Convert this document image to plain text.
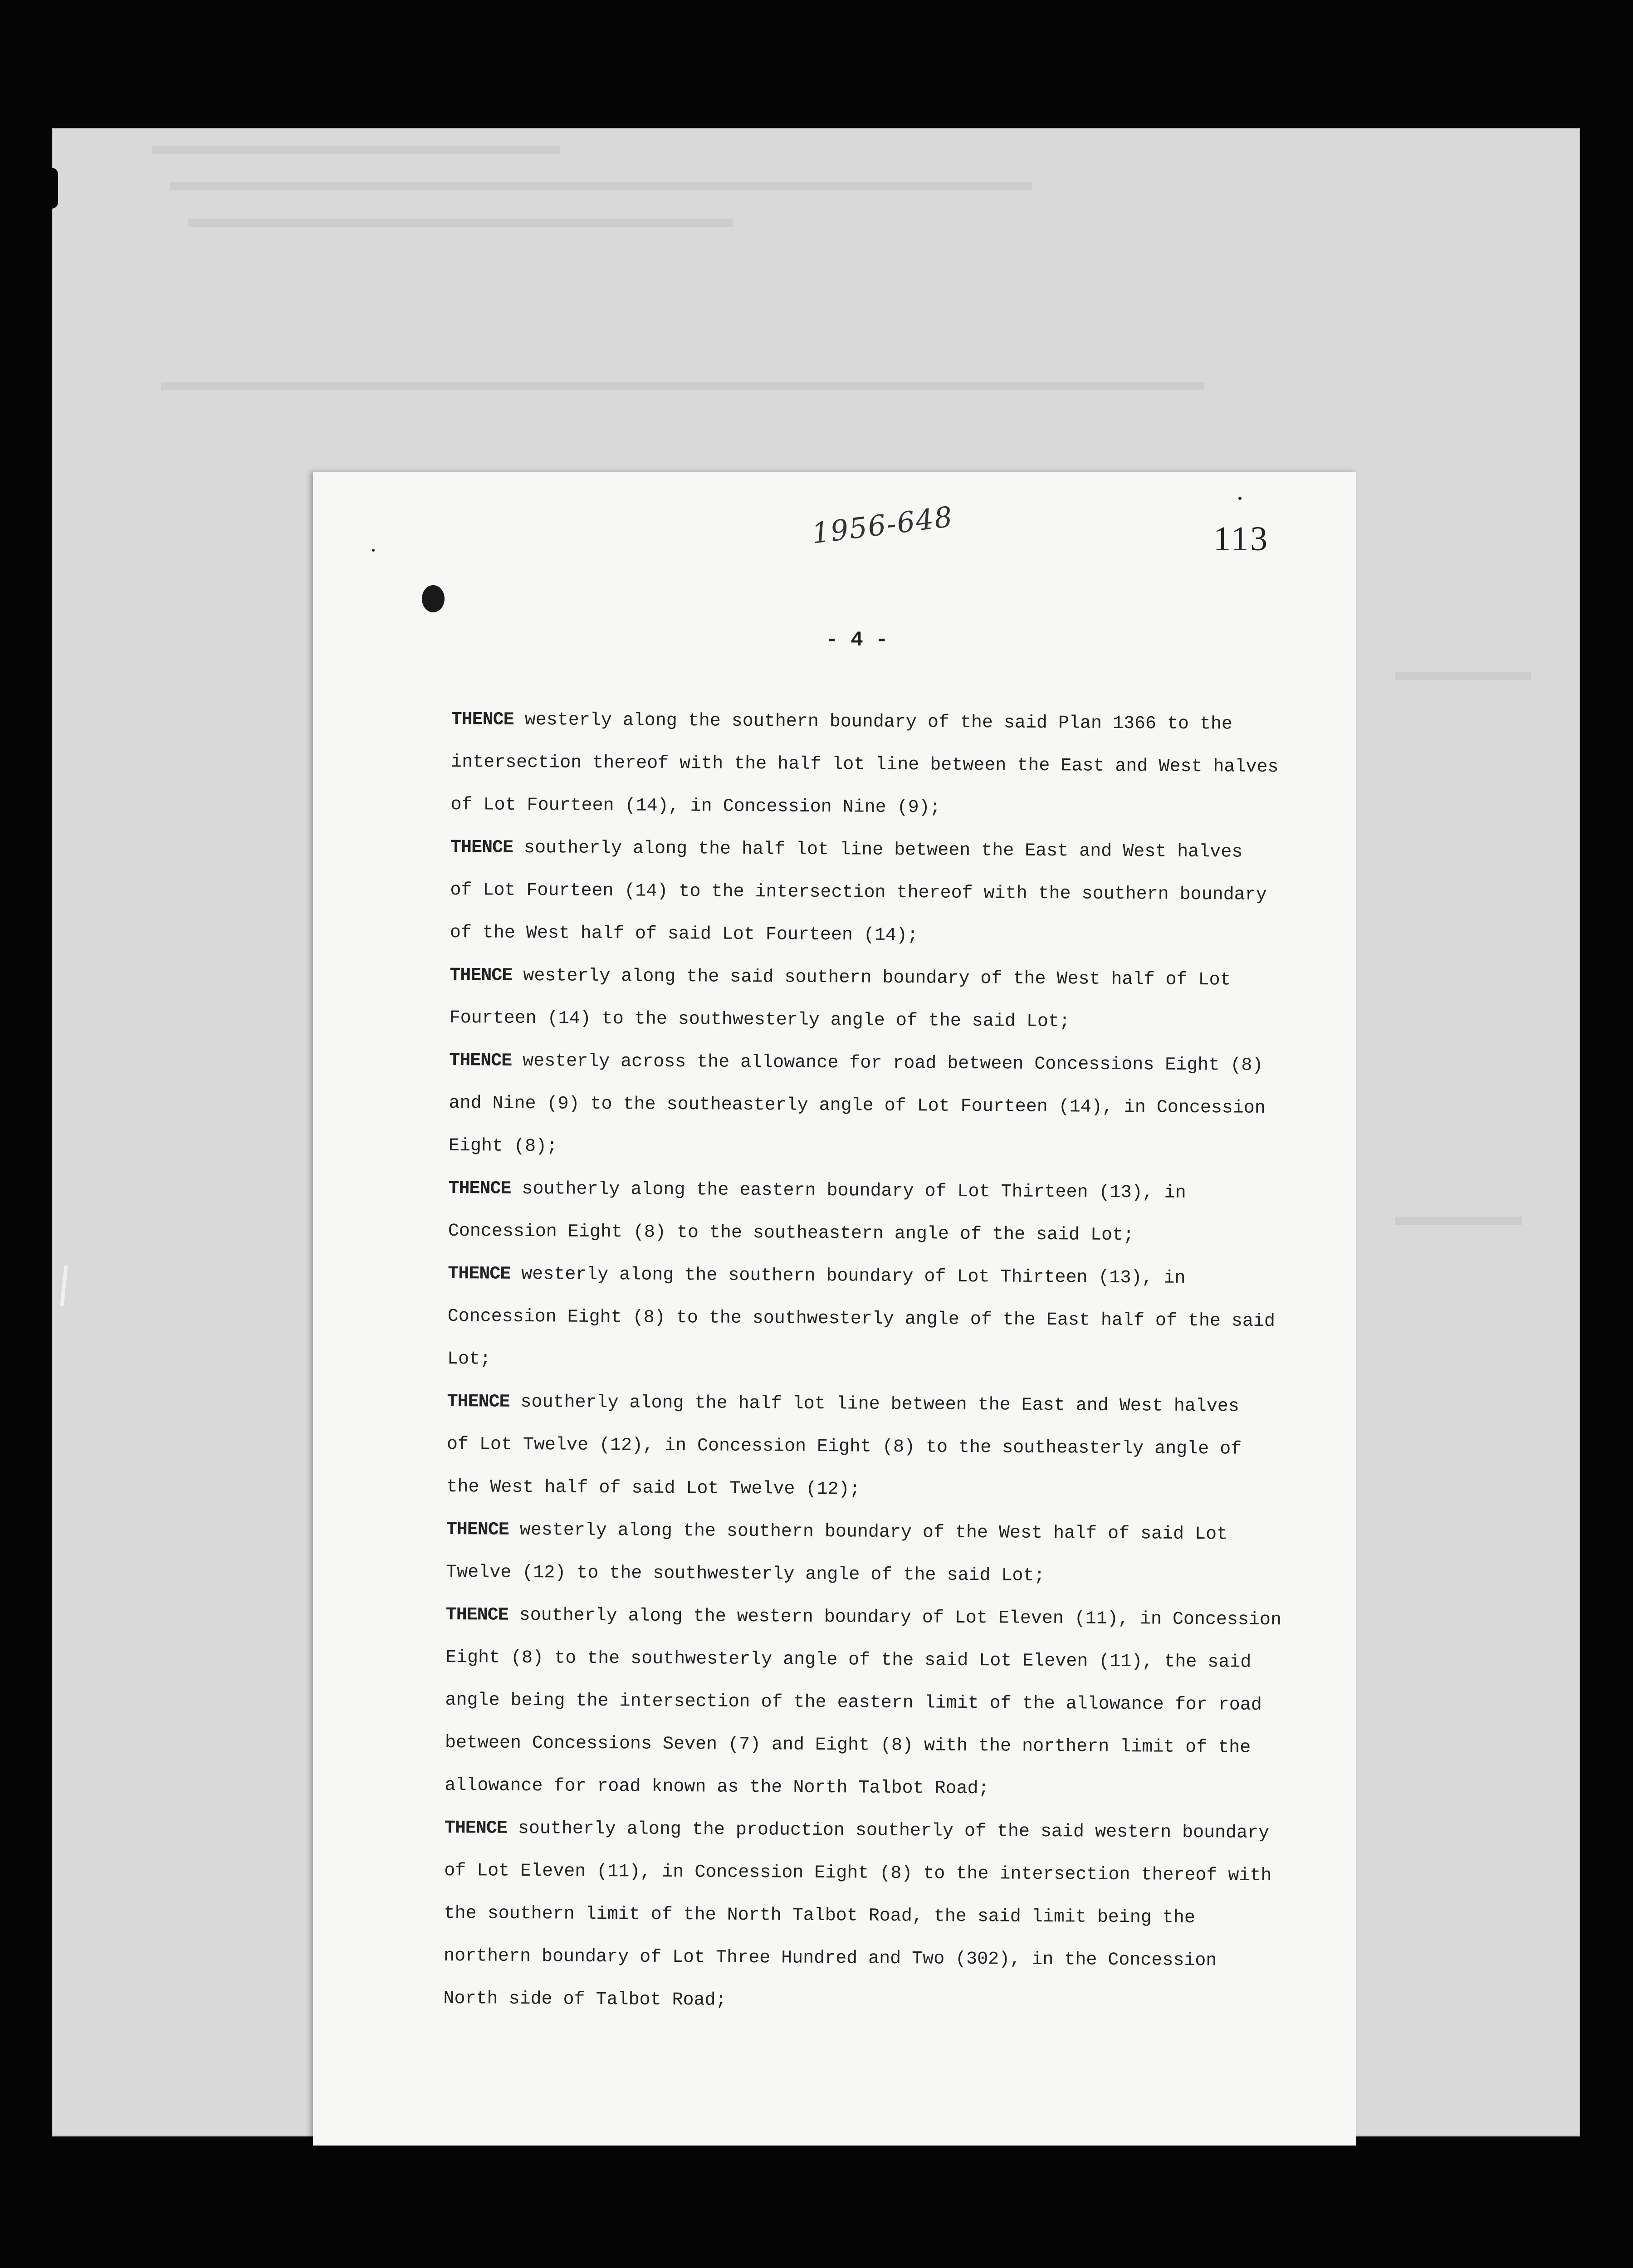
1956-648	113
- 4 -
THENCE westerly along the southern boundary of the said Plan 1366 to the
intersection thereof with the half lot line between the East and West halves
of Lot Fourteen (14), in Concession Nine (9);
THENCE southerly along the half lot line between the East and West halves
of Lot Fourteen (14) to the intersection thereof with the southern boundary
of the West half of said Lot Fourteen (14);
THENCE westerly along the said southern boundary of the West half of Lot
Fourteen (14) to the southwesterly angle of the said Lot;
THENCE westerly across the allowance for road between Concessions Eight (8)
and Nine (9) to the southeasterly angle of Lot Fourteen (14), in Concession
Eight (8);
THENCE southerly along the eastern boundary of Lot Thirteen (13), in
Concession Eight (8) to the southeastern angle of the said Lot;
THENCE westerly along the southern boundary of Lot Thirteen (13), in
Concession Eight (8) to the southwesterly angle of the East half of the said
Lot;
THENCE southerly along the half lot line between the East and West halves
of Lot Twelve (12), in Concession Eight (8) to the southeasterly angle of
the West half of said Lot Twelve (12);
THENCE westerly along the southern boundary of the West half of said Lot
Twelve (12) to the southwesterly angle of the said Lot;
THENCE southerly along the western boundary of Lot Eleven (11), in Concession
Eight (8) to the southwesterly angle of the said Lot Eleven (11), the said
angle being the intersection of the eastern limit of the allowance for road
between Concessions Seven (7) and Eight (8) with the northern limit of the
allowance for road known as the North Talbot Road;
THENCE southerly along the production southerly of the said western boundary
of Lot Eleven (11), in Concession Eight (8) to the intersection thereof with
the southern limit of the North Talbot Road, the said limit being the
northern boundary of Lot Three Hundred and Two (302), in the Concession
North side of Talbot Road;
